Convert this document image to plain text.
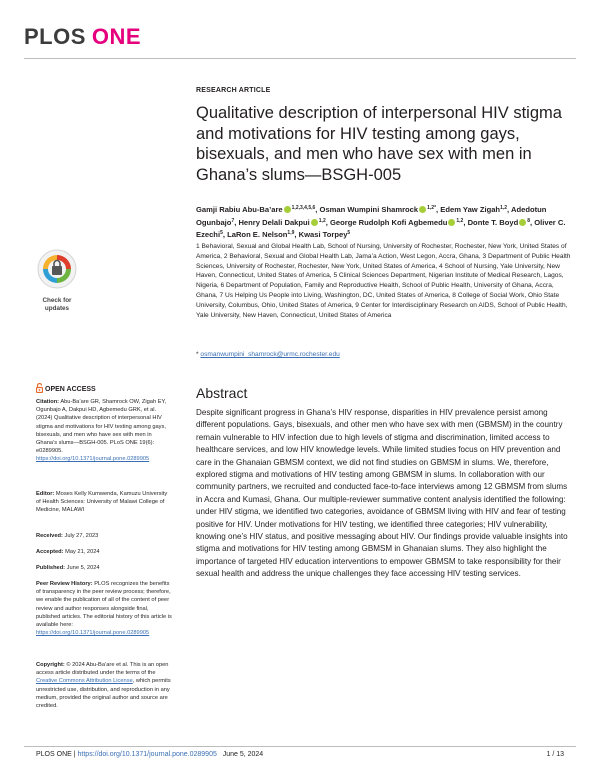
PLOS ONE
Check for
updates
OPEN ACCESS
Citation: Abu-Ba’are GR, Shamrock OW, Zigah EY, Ogunbajo A, Dakpui HD, Agbemedu GRK, et al. (2024) Qualitative description of interpersonal HIV stigma and motivations for HIV testing among gays, bisexuals, and men who have sex with men in Ghana’s slums—BSGH-005. PLoS ONE 19(6): e0289905. https://doi.org/10.1371/journal.pone.0289905
Editor: Moses Kelly Kumwenda, Kamuzu University of Health Sciences: University of Malawi College of Medicine, MALAWI
Received: July 27, 2023
Accepted: May 21, 2024
Published: June 5, 2024
Peer Review History: PLOS recognizes the benefits of transparency in the peer review process; therefore, we enable the publication of all of the content of peer review and author responses alongside final, published articles. The editorial history of this article is available here: https://doi.org/10.1371/journal.pone.0289905
Copyright: © 2024 Abu-Ba’are et al. This is an open access article distributed under the terms of the Creative Commons Attribution License, which permits unrestricted use, distribution, and reproduction in any medium, provided the original author and source are credited.
RESEARCH ARTICLE
Qualitative description of interpersonal HIV stigma and motivations for HIV testing among gays, bisexuals, and men who have sex with men in Ghana’s slums—BSGH-005
Gamji Rabiu Abu-Ba’are $^{1,2,3,4,5,6}$, Osman Wumpini Shamrock $^{1,2*}$, Edem Yaw Zigah$^{1,2}$, Adedotun Ogunbajo$^7$, Henry Delali Dakpui $^{1,2}$, George Rudolph Kofi Agbemedu $^{1,2}$, Donte T. Boyd $^8$, Oliver C. Ezechi$^5$, LaRon E. Nelson$^{1,9}$, Kwasi Torpey$^5$
1 Behavioral, Sexual and Global Health Lab, School of Nursing, University of Rochester, Rochester, New York, United States of America, 2 Behavioral, Sexual and Global Health Lab, Jama’a Action, West Legon, Accra, Ghana, 3 Department of Public Health Sciences, University of Rochester, Rochester, New York, United States of America, 4 School of Nursing, Yale University, New Haven, Connecticut, United States of America, 5 Clinical Sciences Department, Nigerian Institute of Medical Research, Lagos, Nigeria, 6 Department of Population, Family and Reproductive Health, School of Public Health, University of Ghana, Accra, Ghana, 7 Us Helping Us People into Living, Washington, DC, United States of America, 8 College of Social Work, Ohio State University, Columbus, Ohio, United States of America, 9 Center for Interdisciplinary Research on AIDS, School of Public Health, Yale University, New Haven, Connecticut, United States of America
* osmanwumpini_shamrock@urmc.rochester.edu
Abstract
Despite significant progress in Ghana’s HIV response, disparities in HIV prevalence persist among different populations. Gays, bisexuals, and other men who have sex with men (GBMSM) in the country remain vulnerable to HIV infection due to high levels of stigma and discrimination, limited access to healthcare services, and low HIV knowledge levels. While limited studies focus on HIV prevention and care in the Ghanaian GBMSM context, we did not find studies on GBMSM in slums. We, therefore, explored stigma and motivations of HIV testing among GBMSM in slums. In collaboration with our community partners, we recruited and conducted face-to-face interviews among 12 GBMSM from slums in Accra and Kumasi, Ghana. Our multiple-reviewer summative content analysis identified the following: under HIV stigma, we identified two categories, avoidance of GBMSM living with HIV and fear of testing positive for HIV. Under motivations for HIV testing, we identified three categories; HIV vulnerability, knowing one’s HIV status, and positive messaging about HIV. Our findings provide valuable insights into stigma and motivations for HIV testing among GBMSM in Ghanaian slums. They also highlight the importance of targeted HIV education interventions to empower GBMSM to take responsibility for their sexual health and address the unique challenges they face accessing HIV testing services.
PLOS ONE | https://doi.org/10.1371/journal.pone.0289905 June 5, 2024	1 / 13
